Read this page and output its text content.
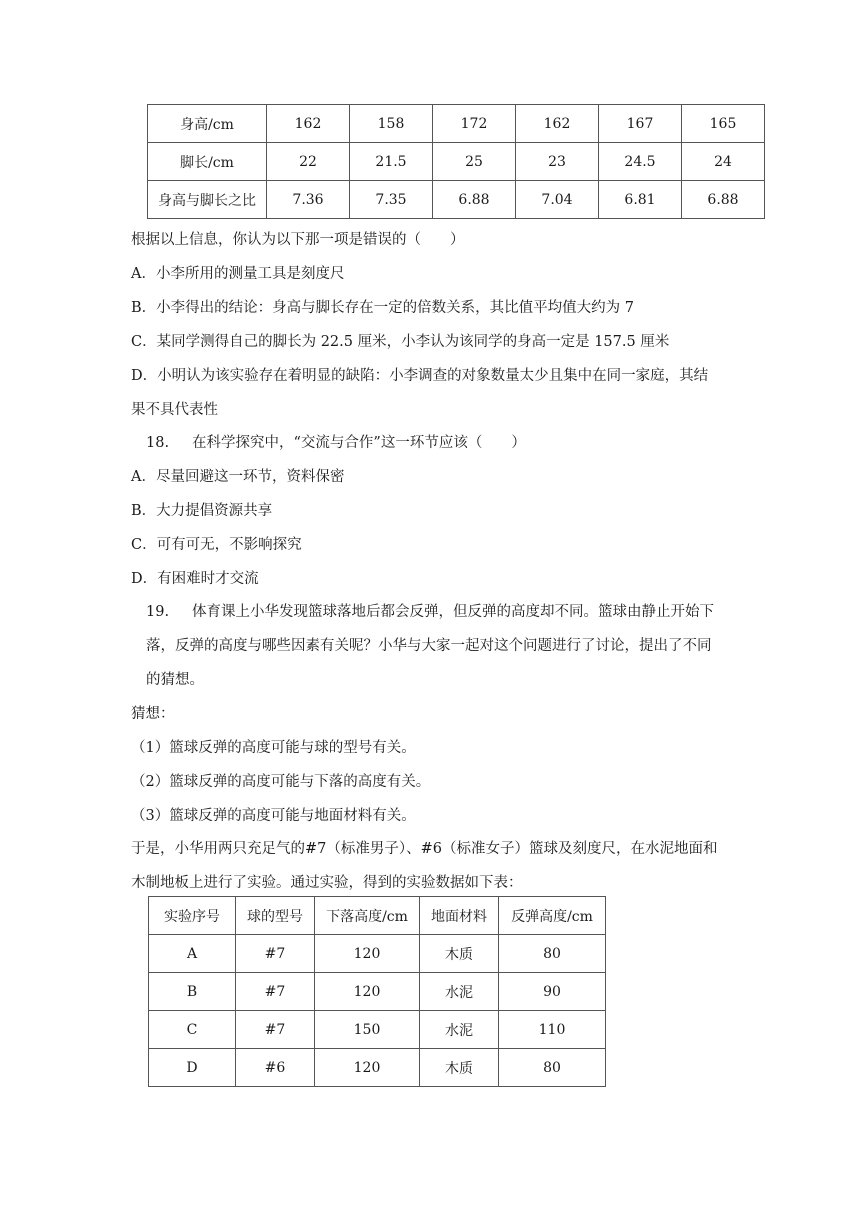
身高/cm	162	158	172	162	167	165
脚长/cm	22	21.5	25	23	24.5	24
身高与脚长之比	7.36	7.35	6.88	7.04	6.81	6.88
根据以上信息，你认为以下那一项是错误的（　　）
A．小李所用的测量工具是刻度尺
B．小李得出的结论：身高与脚长存在一定的倍数关系，其比值平均值大约为 7
C．某同学测得自己的脚长为 22.5 厘米，小李认为该同学的身高一定是 157.5 厘米
D．小明认为该实验存在着明显的缺陷：小李调查的对象数量太少且集中在同一家庭，其结
果不具代表性
18. 在科学探究中，“交流与合作”这一环节应该（　　）
A．尽量回避这一环节，资料保密
B．大力提倡资源共享
C．可有可无，不影响探究
D．有困难时才交流
19. 体育课上小华发现篮球落地后都会反弹，但反弹的高度却不同。篮球由静止开始下
落，反弹的高度与哪些因素有关呢？小华与大家一起对这个问题进行了讨论，提出了不同
的猜想。
猜想：
（1）篮球反弹的高度可能与球的型号有关。
（2）篮球反弹的高度可能与下落的高度有关。
（3）篮球反弹的高度可能与地面材料有关。
于是，小华用两只充足气的#7（标准男子）、#6（标准女子）篮球及刻度尺，在水泥地面和
木制地板上进行了实验。通过实验，得到的实验数据如下表：
实验序号	球的型号	下落高度/cm	地面材料	反弹高度/cm
A	#7	120	木质	80
B	#7	120	水泥	90
C	#7	150	水泥	110
D	#6	120	木质	80
